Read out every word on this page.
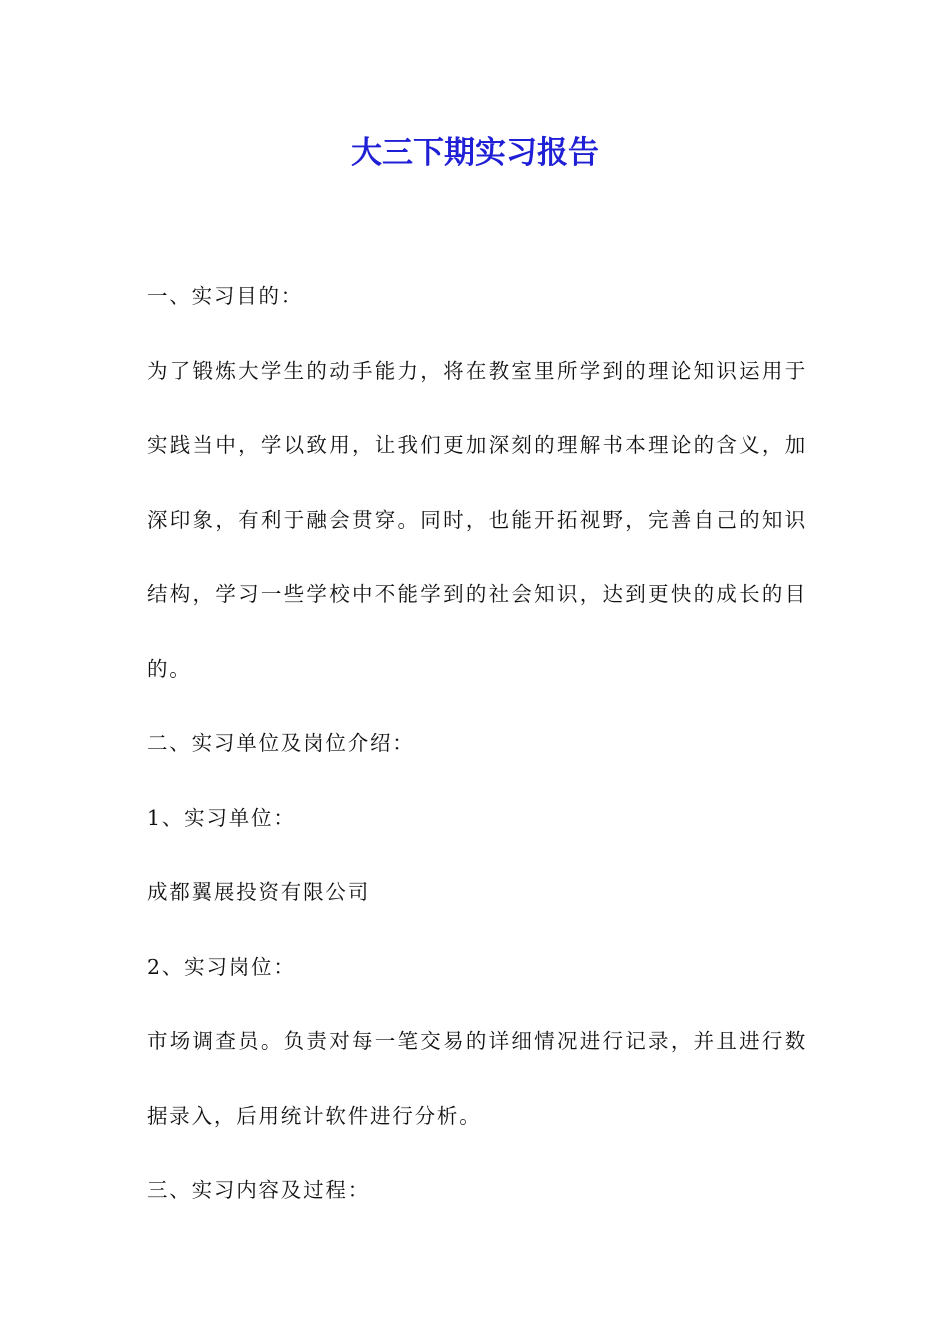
大三下期实习报告

一、实习目的：

为了锻炼大学生的动手能力，将在教室里所学到的理论知识运用于实践当中，学以致用，让我们更加深刻的理解书本理论的含义，加深印象，有利于融会贯穿。同时，也能开拓视野，完善自己的知识结构，学习一些学校中不能学到的社会知识，达到更快的成长的目的。

二、实习单位及岗位介绍：

1、实习单位：

成都翼展投资有限公司

2、实习岗位：

市场调查员。负责对每一笔交易的详细情况进行记录，并且进行数据录入，后用统计软件进行分析。

三、实习内容及过程：
